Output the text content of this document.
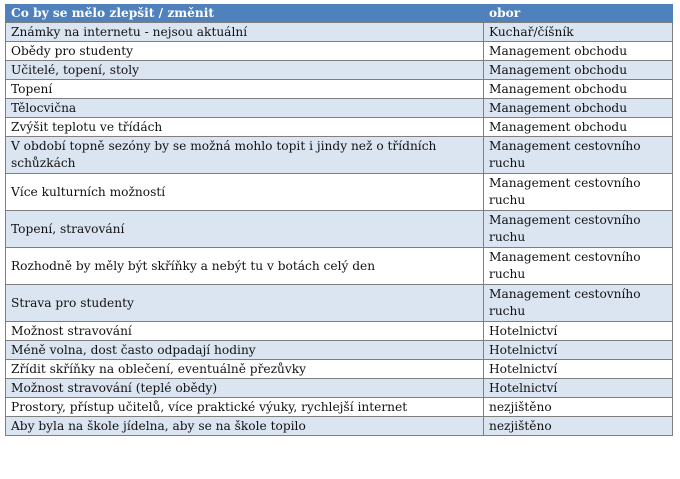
Co by se mělo zlepšit / změnit	obor
Známky na internetu - nejsou aktuální	Kuchař/číšník
Obědy pro studenty	Management obchodu
Učitelé, topení, stoly	Management obchodu
Topení	Management obchodu
Tělocvična	Management obchodu
Zvýšit teplotu ve třídách	Management obchodu
V období topně sezóny by se možná mohlo topit i jindy než o třídních schůzkách	Management cestovního ruchu
Více kulturních možností	Management cestovního ruchu
Topení, stravování	Management cestovního ruchu
Rozhodně by měly být skříňky a nebýt tu v botách celý den	Management cestovního ruchu
Strava pro studenty	Management cestovního ruchu
Možnost stravování	Hotelnictví
Méně volna, dost často odpadají hodiny	Hotelnictví
Zřídit skříňky na oblečení, eventuálně přezůvky	Hotelnictví
Možnost stravování (teplé obědy)	Hotelnictví
Prostory, přístup učitelů, více praktické výuky, rychlejší internet	nezjištěno
Aby byla na škole jídelna, aby se na škole topilo	nezjištěno
